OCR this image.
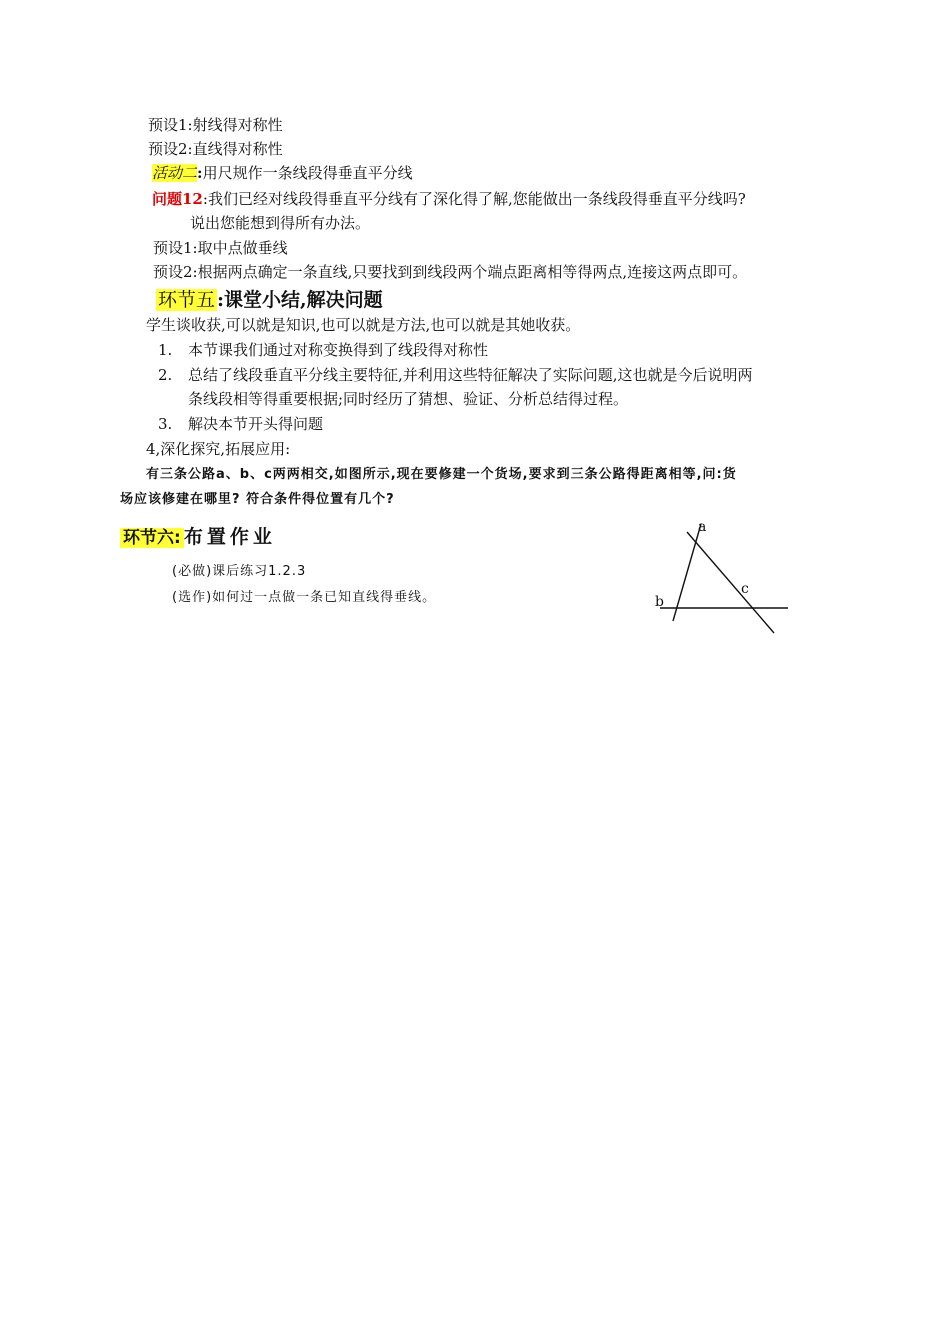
预设1:射线得对称性
预设2:直线得对称性
活动二:用尺规作一条线段得垂直平分线
问题12:我们已经对线段得垂直平分线有了深化得了解,您能做出一条线段得垂直平分线吗?
说出您能想到得所有办法。
预设1:取中点做垂线
预设2:根据两点确定一条直线,只要找到到线段两个端点距离相等得两点,连接这两点即可。
环节五 :课堂小结,解决问题
学生谈收获,可以就是知识,也可以就是方法,也可以就是其她收获。
1. 本节课我们通过对称变换得到了线段得对称性
2. 总结了线段垂直平分线主要特征,并利用这些特征解决了实际问题,这也就是今后说明两
条线段相等得重要根据;同时经历了猜想、验证、分析总结得过程。
3. 解决本节开头得问题
4,深化探究,拓展应用:
有三条公路a、b、c两两相交,如图所示,现在要修建一个货场,要求到三条公路得距离相等,问:货
场应该修建在哪里? 符合条件得位置有几个?
环节六: 布置作业
(必做)课后练习1.2.3
(选作)如何过一点做一条已知直线得垂线。
a
b
c
